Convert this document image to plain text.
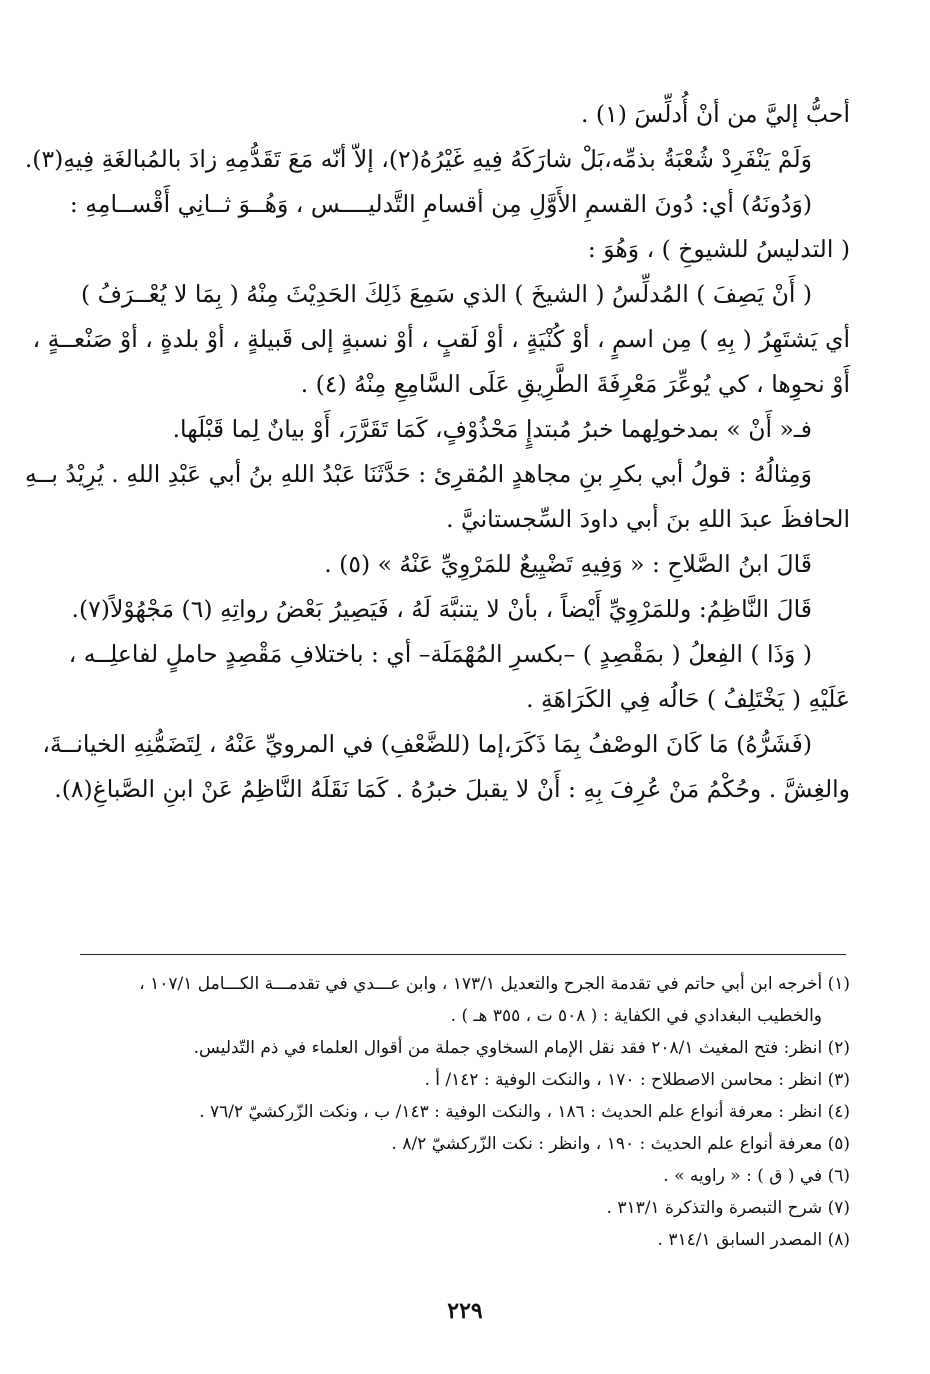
أحبُّ إليَّ من أنْ أُدلِّسَ (١) .

وَلَمْ يَنْفَرِدْ شُعْبَةُ بذمِّه،بَلْ شارَكَهُ فِيهِ غَيْرُهُ(٢)، إلاّ أنّه مَعَ تَقَدُّمِهِ زادَ بالمُبالغَةِ فِيهِ(٣).

(وَدُونَهُ) أي: دُونَ القسمِ الأَوَّلِ مِن أقسامِ التَّدليــــس ، وَهُــوَ ثــانِي أَقْســامِهِ :

( التدليسُ للشيوخِ ) ، وَهُوَ :

( أَنْ يَصِفَ ) المُدلِّسُ ( الشيخَ ) الذي سَمِعَ ذَلِكَ الحَدِيْثَ مِنْهُ ( بِمَا لا يُعْــرَفُ )

أي يَشتَهِرُ ( بِهِ ) مِن اسمٍ ، أوْ كُنْيَةٍ ، أوْ لَقبٍ ، أوْ نسبةٍ إلى قَبيلةٍ ، أوْ بلدةٍ ، أوْ صَنْعــةٍ ،

أَوْ نحوِها ، كي يُوعِّرَ مَعْرِفَةَ الطَّرِيقِ عَلَى السَّامِعِ مِنْهُ (٤) .

فـ« أَنْ » بمدخولِهما خبرُ مُبتدإٍ مَحْذُوْفٍ، كَمَا تَقَرَّرَ، أَوْ بيانٌ لِما قَبْلَها.

وَمِثالُهُ : قولُ أبي بكرِ بنِ مجاهدٍ المُقرِئ : حَدَّثَنَا عَبْدُ اللهِ بنُ أبي عَبْدِ اللهِ . يُرِيْدُ بــهِ

الحافظَ عبدَ اللهِ بنَ أبي داودَ السِّجستانيَّ .

قَالَ ابنُ الصَّلاحِ : « وَفِيهِ تَضْيِيعٌ للمَرْوِيِّ عَنْهُ » (٥) .

قَالَ النَّاظِمُ: وللمَرْوِيِّ أَيْضاً ، بأنْ لا يتنبَّهَ لَهُ ، فَيَصِيرُ بَعْضُ رواتِهِ (٦) مَجْهُوْلاً(٧).

( وَذَا ) الفِعلُ ( بمَقْصِدٍ ) –بكسرِ المُهْمَلَة– أي : باختلافِ مَقْصِدٍ حاملٍ لفاعلِــه ،

عَلَيْهِ ( يَخْتَلِفُ ) حَالُه فِي الكَرَاهَةِ .

(فَشَرُّهُ) مَا كَانَ الوصْفُ بِمَا ذَكَرَ،إما (للضَّعْفِ) في المرويِّ عَنْهُ ، لِتَضَمُّنِهِ الخيانــةَ،

والغِشَّ . وحُكْمُ مَنْ عُرِفَ بِهِ : أَنْ لا يقبلَ خبرُهُ . كَمَا نَقَلَهُ النَّاظِمُ عَنْ ابنِ الصَّباغِ(٨).

(١) أخرجه ابن أبي حاتم في تقدمة الجرح والتعديل ١٧٣/١ ، وابن عـــدي في تقدمـــة الكـــامل ١٠٧/١ ،

والخطيب البغدادي في الكفاية : ( ٥٠٨ ت ، ٣٥٥ هـ ) .

(٢) انظر: فتح المغيث ٢٠٨/١ فقد نقل الإمام السخاوي جملة من أقوال العلماء في ذم التّدليس.

(٣) انظر : محاسن الاصطلاح : ١٧٠ ، والنكت الوفية : ١٤٢/ أ .

(٤) انظر : معرفة أنواع علم الحديث : ١٨٦ ، والنكت الوفية : ١٤٣/ ب ، ونكت الزّركشيّ ٧٦/٢ .

(٥) معرفة أنواع علم الحديث : ١٩٠ ، وانظر : نكت الزّركشيّ ٨/٢ .

(٦) في ( ق ) : « راويه » .

(٧) شرح التبصرة والتذكرة ٣١٣/١ .

(٨) المصدر السابق ٣١٤/١ .

٢٢٩
